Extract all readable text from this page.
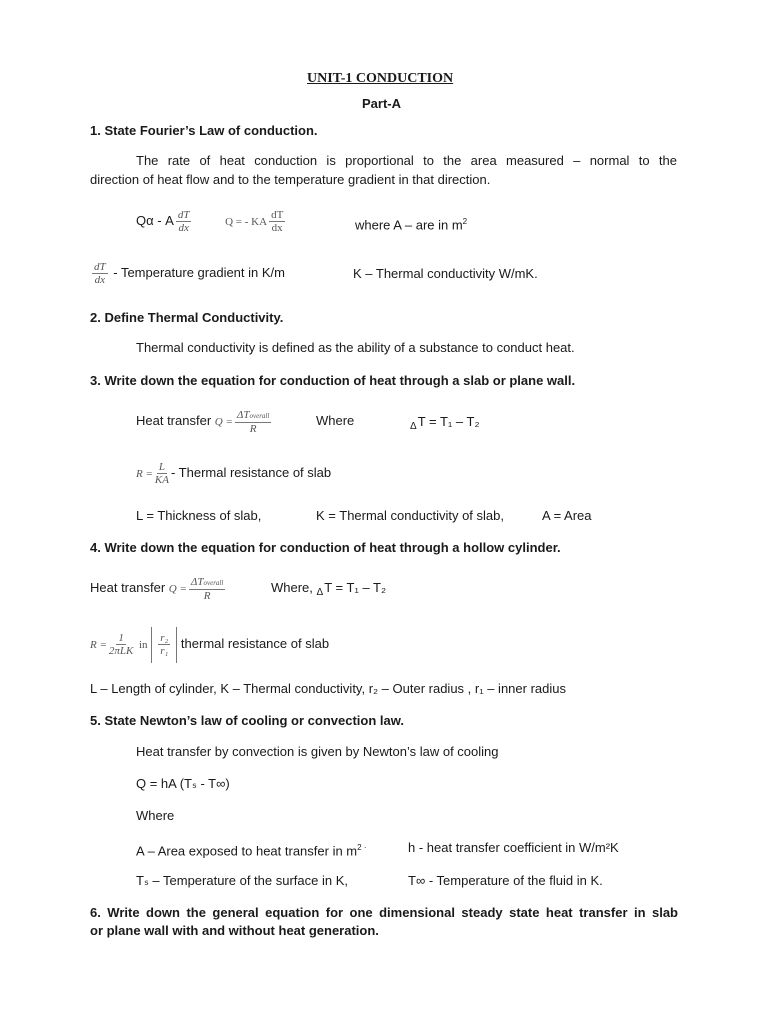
UNIT-1 CONDUCTION
Part-A
1. State Fourier’s Law of conduction.
The rate of heat conduction is proportional to the area measured – normal to the
direction of heat flow and to the temperature gradient in that direction.
Qα - A $\frac{dT}{dx}$	Q = - KA $\frac{dT}{dx}$	where A – are in $m^2$
$\frac{dT}{dx}$ - Temperature gradient in K/m	K – Thermal conductivity W/mK.
2. Define Thermal Conductivity.
Thermal conductivity is defined as the ability of a substance to conduct heat.
3. Write down the equation for conduction of heat through a slab or plane wall.
Heat transfer $Q = \frac{\text{ΔToverall}}{R}$	Where	$_\Delta$T = T₁ – T₂
$R = \frac{L}{KA}$ - Thermal resistance of slab
L = Thickness of slab,	K = Thermal conductivity of slab,	A = Area
4. Write down the equation for conduction of heat through a hollow cylinder.
Heat transfer $Q = \frac{\text{ΔToverall}}{R}$	Where, $_\Delta$T = T₁ – T₂
$R = \frac{1}{\text{2πLK}}$ in $\frac{\text{r₂}}{\text{r₁}}$ thermal resistance of slab
L – Length of cylinder, K – Thermal conductivity, r₂ – Outer radius , r₁ – inner radius
5. State Newton’s law of cooling or convection law.
Heat transfer by convection is given by Newton’s law of cooling
Q = hA (Tₛ - T∞)
Where
A – Area exposed to heat transfer in $m^{2 \cdot}$	h - heat transfer coefficient in W/m²K
Tₛ – Temperature of the surface in K,	T∞ - Temperature of the fluid in K.
6. Write down the general equation for one dimensional steady state heat transfer in slab
or plane wall with and without heat generation.
